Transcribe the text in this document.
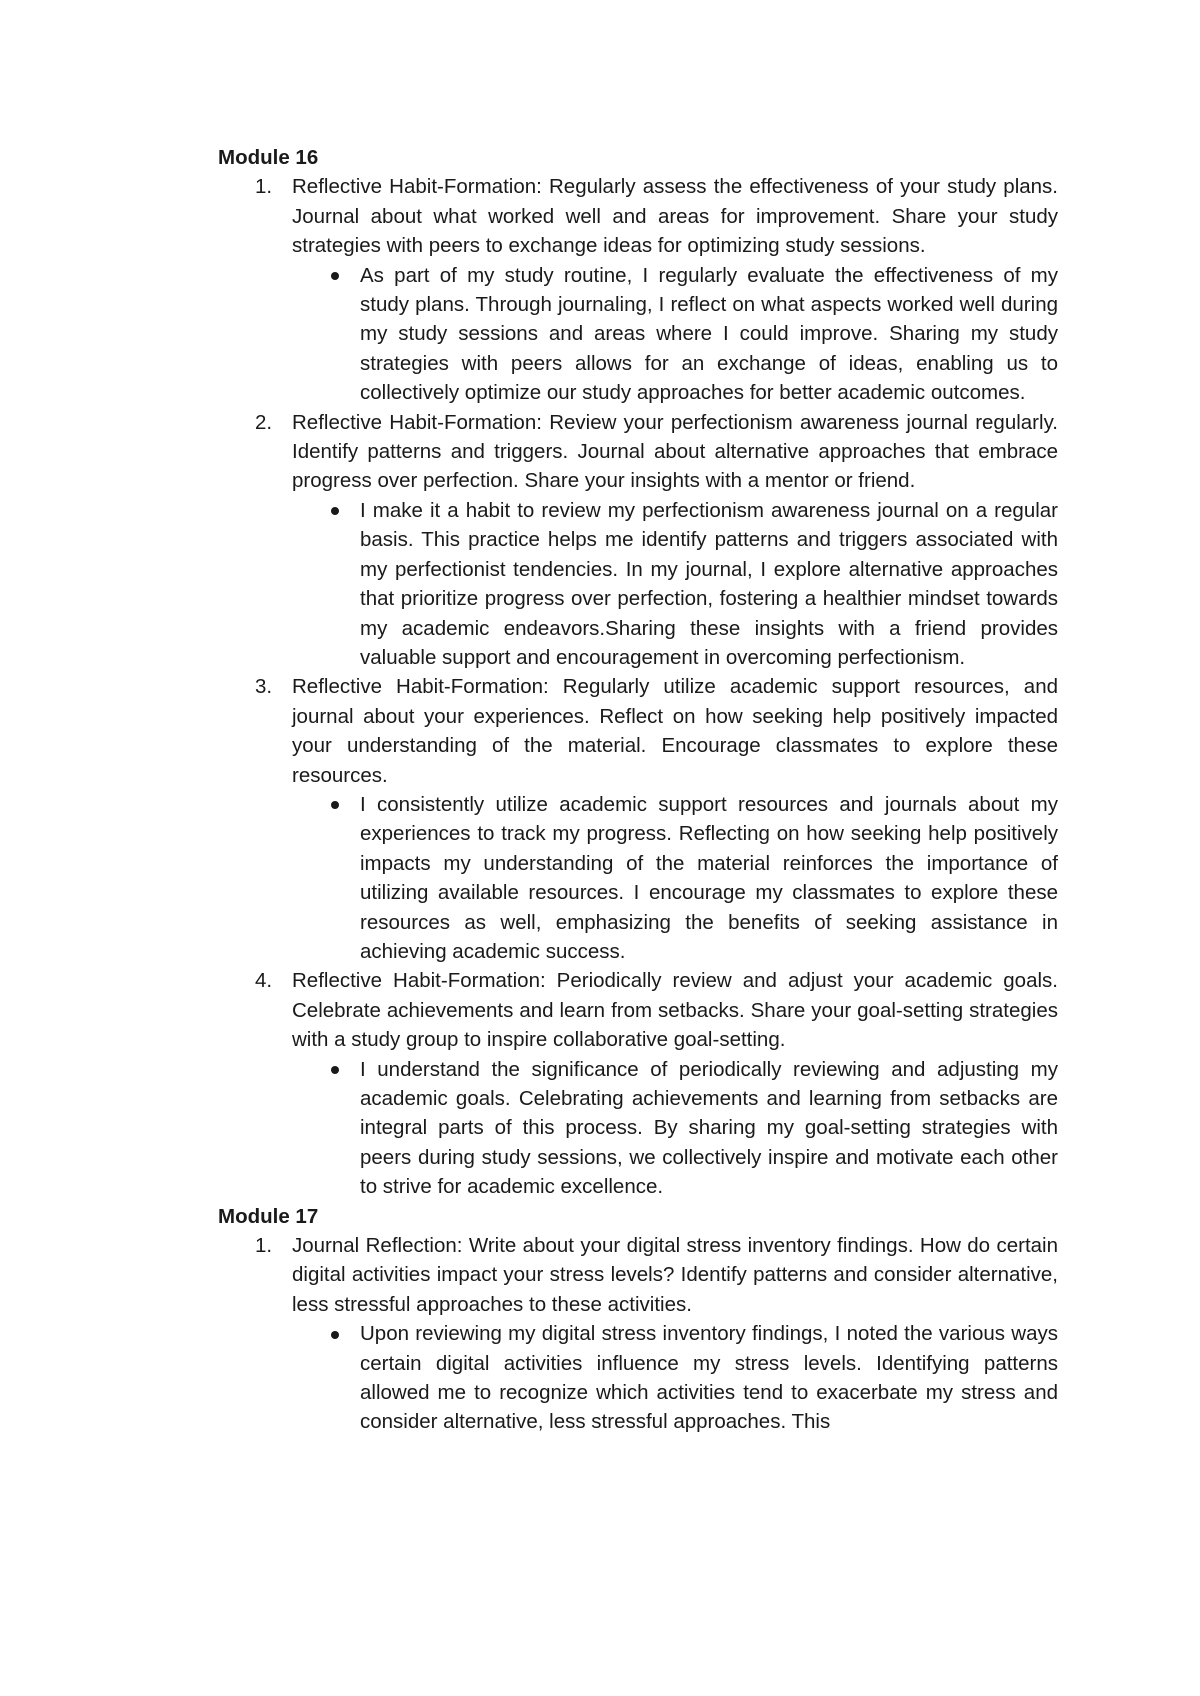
Module 16
1. Reflective Habit-Formation: Regularly assess the effectiveness of your study plans. Journal about what worked well and areas for improvement. Share your study strategies with peers to exchange ideas for optimizing study sessions.
As part of my study routine, I regularly evaluate the effectiveness of my study plans. Through journaling, I reflect on what aspects worked well during my study sessions and areas where I could improve. Sharing my study strategies with peers allows for an exchange of ideas, enabling us to collectively optimize our study approaches for better academic outcomes.
2. Reflective Habit-Formation: Review your perfectionism awareness journal regularly. Identify patterns and triggers. Journal about alternative approaches that embrace progress over perfection. Share your insights with a mentor or friend.
I make it a habit to review my perfectionism awareness journal on a regular basis. This practice helps me identify patterns and triggers associated with my perfectionist tendencies. In my journal, I explore alternative approaches that prioritize progress over perfection, fostering a healthier mindset towards my academic endeavors.Sharing these insights with a friend provides valuable support and encouragement in overcoming perfectionism.
3. Reflective Habit-Formation: Regularly utilize academic support resources, and journal about your experiences. Reflect on how seeking help positively impacted your understanding of the material. Encourage classmates to explore these resources.
I consistently utilize academic support resources and journals about my experiences to track my progress. Reflecting on how seeking help positively impacts my understanding of the material reinforces the importance of utilizing available resources. I encourage my classmates to explore these resources as well, emphasizing the benefits of seeking assistance in achieving academic success.
4. Reflective Habit-Formation: Periodically review and adjust your academic goals. Celebrate achievements and learn from setbacks. Share your goal-setting strategies with a study group to inspire collaborative goal-setting.
I understand the significance of periodically reviewing and adjusting my academic goals. Celebrating achievements and learning from setbacks are integral parts of this process. By sharing my goal-setting strategies with peers during study sessions, we collectively inspire and motivate each other to strive for academic excellence.
Module 17
1. Journal Reflection: Write about your digital stress inventory findings. How do certain digital activities impact your stress levels? Identify patterns and consider alternative, less stressful approaches to these activities.
Upon reviewing my digital stress inventory findings, I noted the various ways certain digital activities influence my stress levels. Identifying patterns allowed me to recognize which activities tend to exacerbate my stress and consider alternative, less stressful approaches. This
